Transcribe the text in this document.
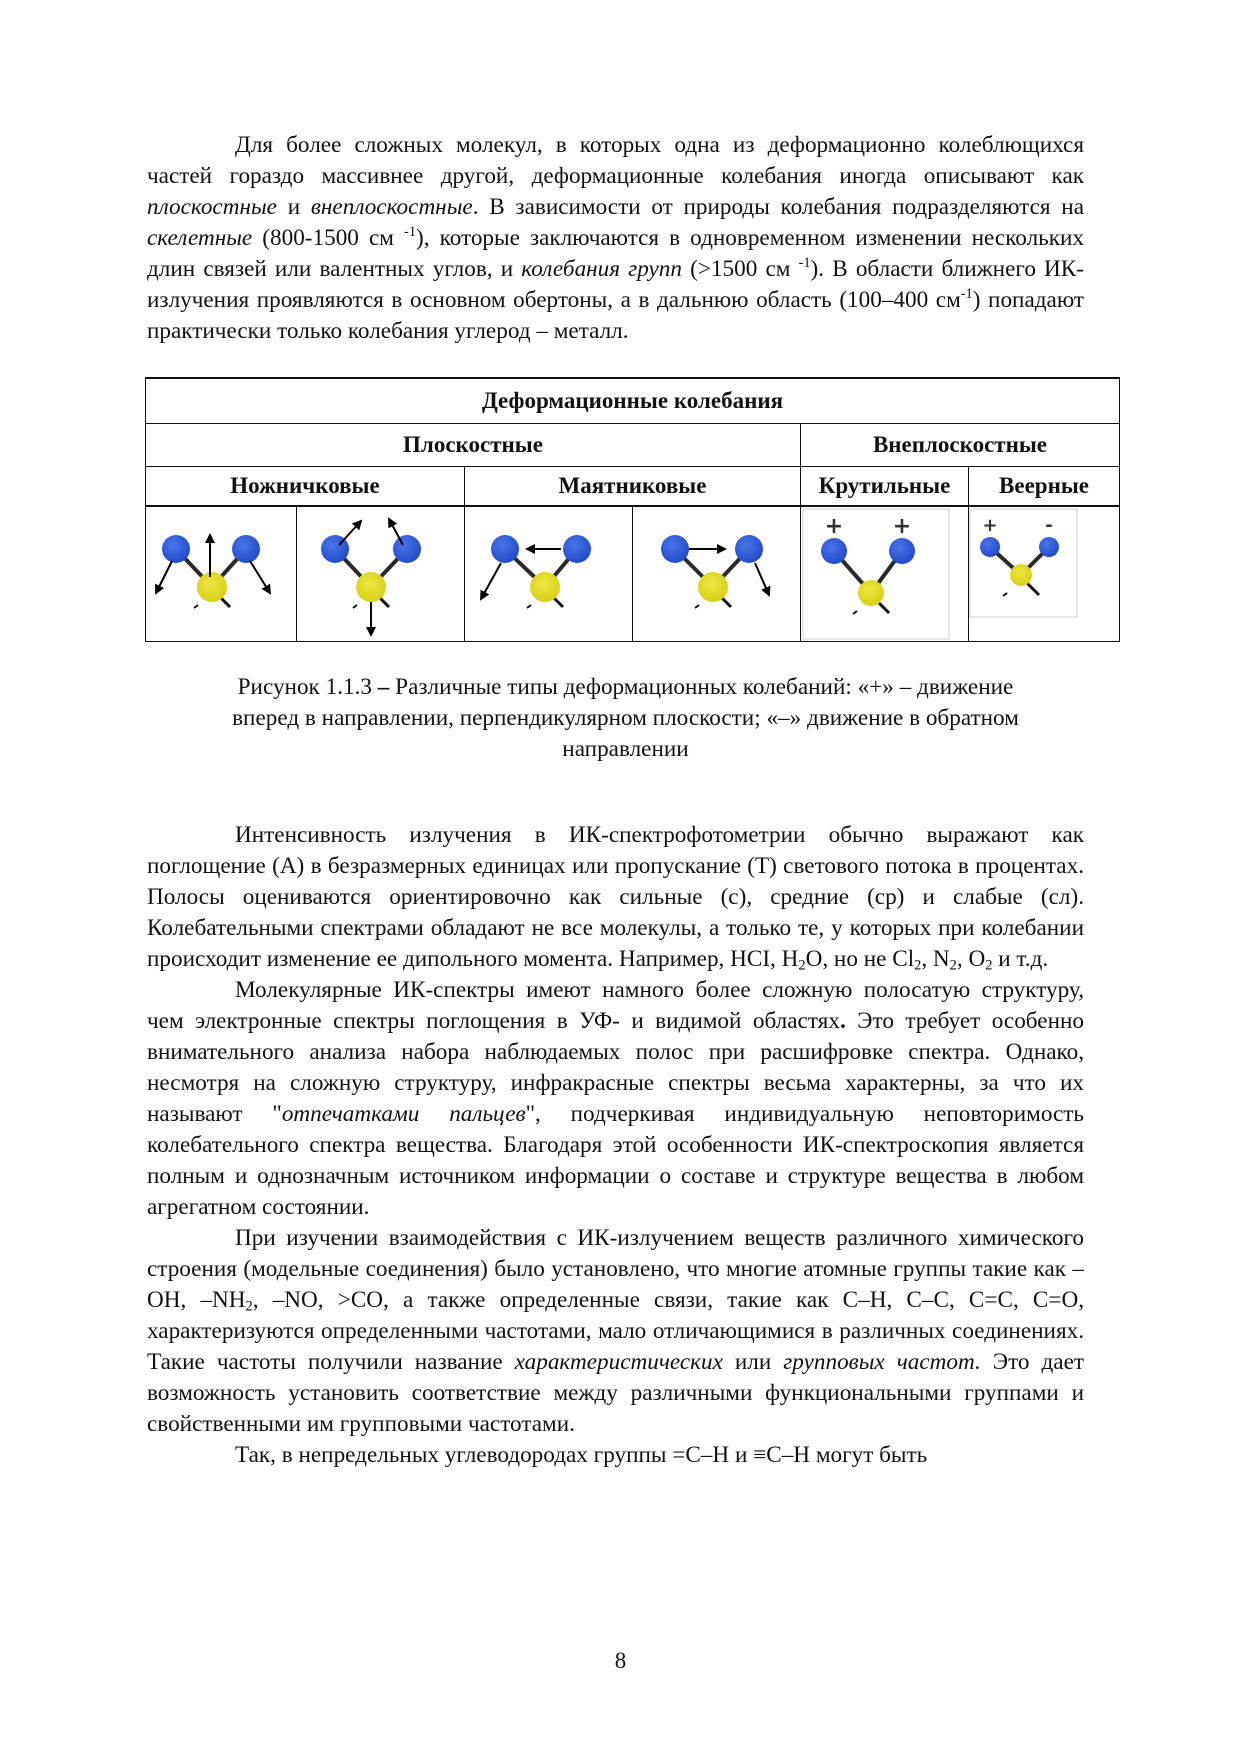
Для более сложных молекул, в которых одна из деформационно колеблющихся частей гораздо массивнее другой, деформационные колебания иногда описывают как плоскостные и внеплоскостные. В зависимости от природы колебания подразделяются на скелетные (800-1500 см $^{-1}$), которые заключаются в одновременном изменении нескольких длин связей или валентных углов, и колебания групп (>1500 см $^{-1}$). В области ближнего ИК-излучения проявляются в основном обертоны, а в дальнюю область (100–400 $см^{-1}$) попадают практически только колебания углерод – металл.

Деформационные колебания					
Плоскостные				Внеплоскостные	
Ножничковые		Маятниковые		Крутильные	Веерные

+ +	+ -

Рисунок 1.1.3 – Различные типы деформационных колебаний: «+» – движение вперед в направлении, перпендикулярном плоскости; «–» движение в обратном направлении

Интенсивность излучения в ИК-спектрофотометрии обычно выражают как поглощение (А) в безразмерных единицах или пропускание (Т) светового потока в процентах. Полосы оцениваются ориентировочно как сильные (с), средние (ср) и слабые (сл). Колебательными спектрами обладают не все молекулы, а только те, у которых при колебании происходит изменение ее дипольного момента. Например, HCI, $H_2O$, но не $Cl_2$, $N_2$, $O_2$ и т.д.

Молекулярные ИК-спектры имеют намного более сложную полосатую структуру, чем электронные спектры поглощения в УФ- и видимой областях. Это требует особенно внимательного анализа набора наблюдаемых полос при расшифровке спектра. Однако, несмотря на сложную структуру, инфракрасные спектры весьма характерны, за что их называют "отпечатками пальцев", подчеркивая индивидуальную неповторимость колебательного спектра вещества. Благодаря этой особенности ИК-спектроскопия является полным и однозначным источником информации о составе и структуре вещества в любом агрегатном состоянии.

При изучении взаимодействия с ИК-излучением веществ различного химического строения (модельные соединения) было установлено, что многие атомные группы такие как –OH, $-NH_2$, –NO, >CO, а также определенные связи, такие как С–Н, С–С, С=С, С=О, характеризуются определенными частотами, мало отличающимися в различных соединениях. Такие частоты получили название характеристических или групповых частот. Это дает возможность установить соответствие между различными функциональными группами и свойственными им групповыми частотами.

Так, в непредельных углеводородах группы =С–Н и ≡С–Н могут быть

8
